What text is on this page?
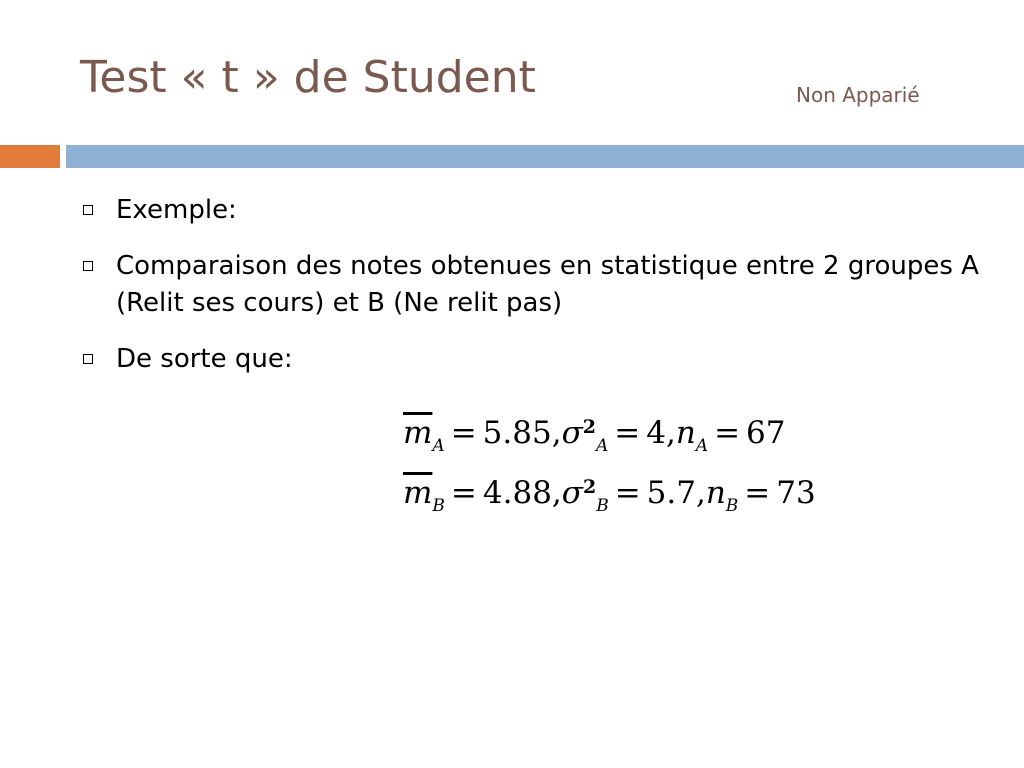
Test « t » de Student	Non Apparié
Exemple:
Comparaison des notes obtenues en statistique entre 2 groupes A (Relit ses cours) et B (Ne relit pas)
De sorte que:
$\overline{m}_A = 5.85,\sigma^2_A = 4,n_A = 67$
$\overline{m}_B = 4.88,\sigma^2_B = 5.7,n_B = 73$
